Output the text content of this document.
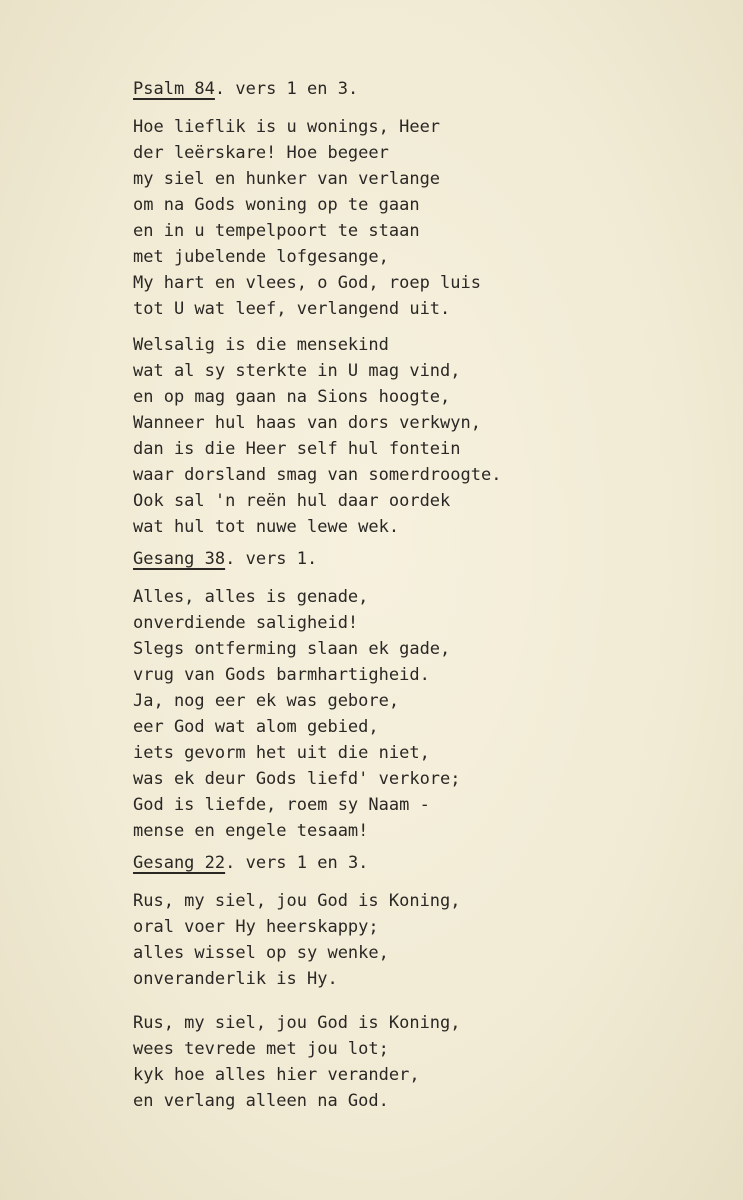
Psalm 84. vers 1 en 3.
Hoe lieflik is u wonings, Heer
der leërskare! Hoe begeer
my siel en hunker van verlange
om na Gods woning op te gaan
en in u tempelpoort te staan
met jubelende lofgesange,
My hart en vlees, o God, roep luis
tot U wat leef, verlangend uit.
Welsalig is die mensekind
wat al sy sterkte in U mag vind,
en op mag gaan na Sions hoogte,
Wanneer hul haas van dors verkwyn,
dan is die Heer self hul fontein
waar dorsland smag van somerdroogte.
Ook sal 'n reën hul daar oordek
wat hul tot nuwe lewe wek.
Gesang 38. vers 1.
Alles, alles is genade,
onverdiende saligheid!
Slegs ontferming slaan ek gade,
vrug van Gods barmhartigheid.
Ja, nog eer ek was gebore,
eer God wat alom gebied,
iets gevorm het uit die niet,
was ek deur Gods liefd' verkore;
God is liefde, roem sy Naam -
mense en engele tesaam!
Gesang 22. vers 1 en 3.
Rus, my siel, jou God is Koning,
oral voer Hy heerskappy;
alles wissel op sy wenke,
onveranderlik is Hy.
Rus, my siel, jou God is Koning,
wees tevrede met jou lot;
kyk hoe alles hier verander,
en verlang alleen na God.
